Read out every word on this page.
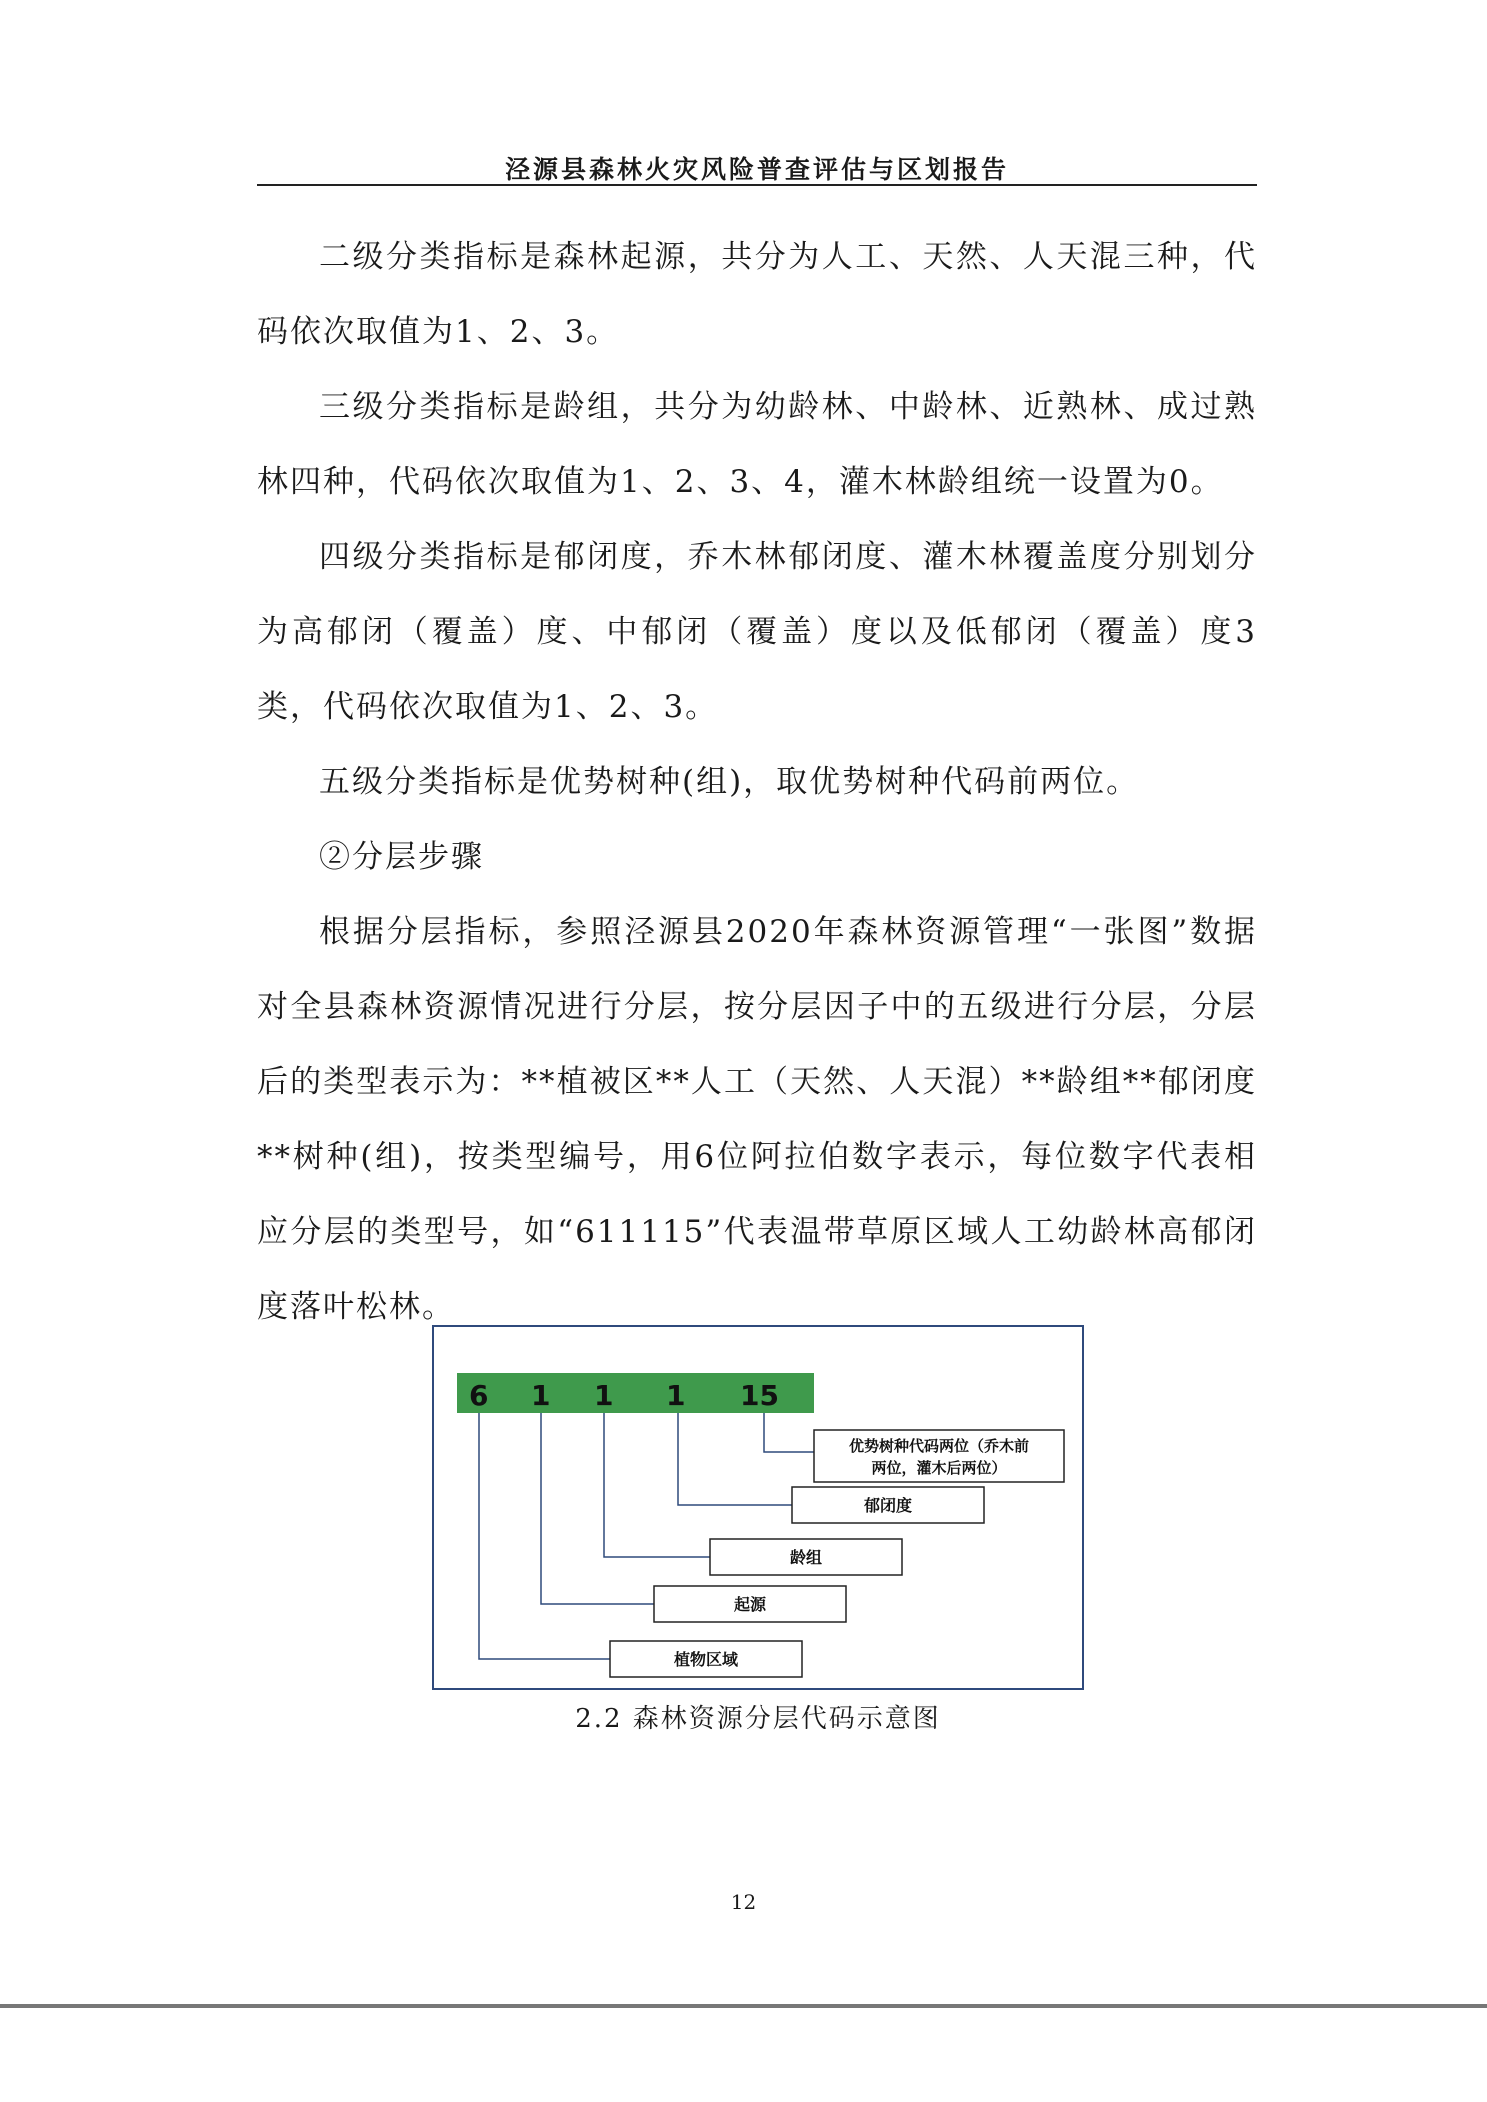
泾源县森林火灾风险普查评估与区划报告

二级分类指标是森林起源，共分为人工、天然、人天混三种，代码依次取值为1、2、3。

三级分类指标是龄组，共分为幼龄林、中龄林、近熟林、成过熟林四种，代码依次取值为1、2、3、4，灌木林龄组统一设置为0。

四级分类指标是郁闭度，乔木林郁闭度、灌木林覆盖度分别划分为高郁闭（覆盖）度、中郁闭（覆盖）度以及低郁闭（覆盖）度3类，代码依次取值为1、2、3。

五级分类指标是优势树种(组)，取优势树种代码前两位。

②分层步骤

根据分层指标，参照泾源县2020年森林资源管理“一张图”数据对全县森林资源情况进行分层，按分层因子中的五级进行分层，分层后的类型表示为：**植被区**人工（天然、人天混）**龄组**郁闭度**树种(组)，按类型编号，用6位阿拉伯数字表示，每位数字代表相应分层的类型号，如“611115”代表温带草原区域人工幼龄林高郁闭度落叶松林。

6 1 1 1 15
优势树种代码两位（乔木前
两位，灌木后两位）
郁闭度
龄组
起源
植物区域
2.2 森林资源分层代码示意图
12
